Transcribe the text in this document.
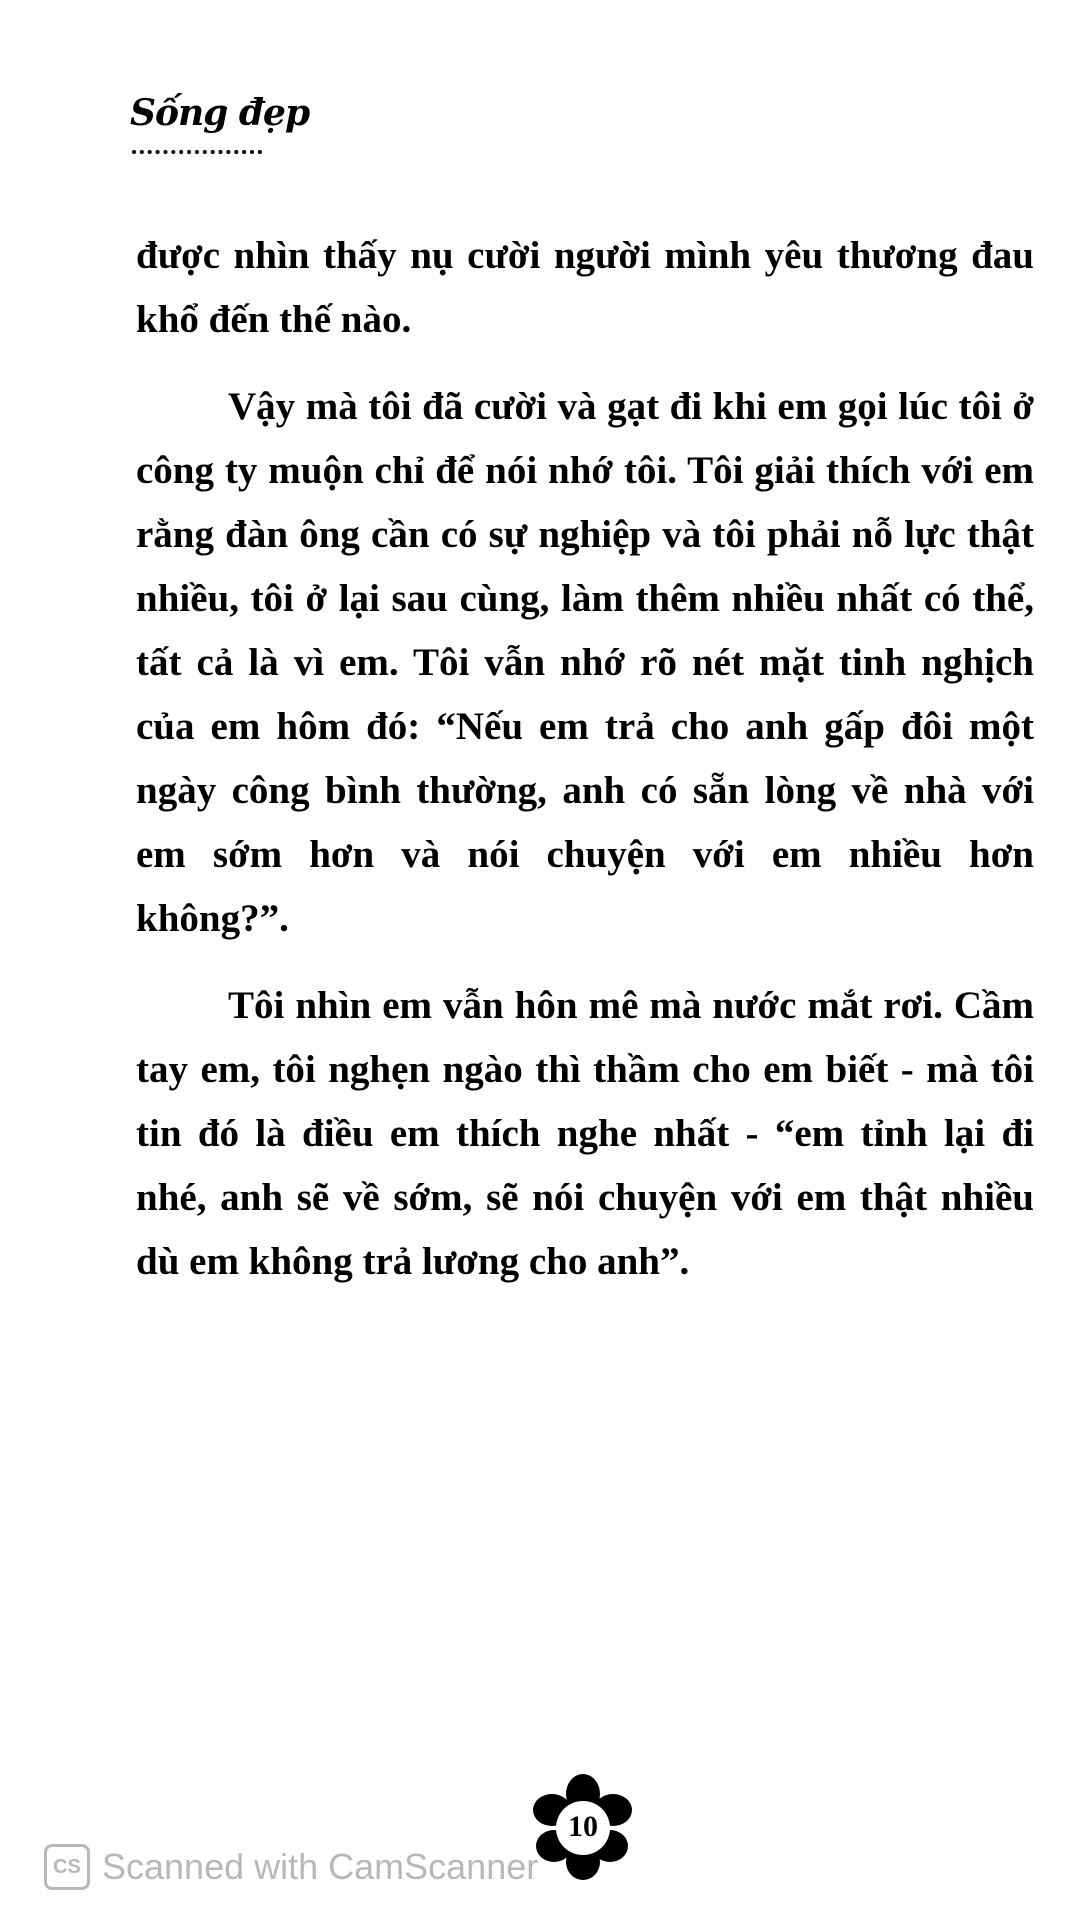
Sống đẹp

được nhìn thấy nụ cười người mình yêu thương đau khổ đến thế nào.

Vậy mà tôi đã cười và gạt đi khi em gọi lúc tôi ở công ty muộn chỉ để nói nhớ tôi. Tôi giải thích với em rằng đàn ông cần có sự nghiệp và tôi phải nỗ lực thật nhiều, tôi ở lại sau cùng, làm thêm nhiều nhất có thể, tất cả là vì em. Tôi vẫn nhớ rõ nét mặt tinh nghịch của em hôm đó: “Nếu em trả cho anh gấp đôi một ngày công bình thường, anh có sẵn lòng về nhà với em sớm hơn và nói chuyện với em nhiều hơn không?”.

Tôi nhìn em vẫn hôn mê mà nước mắt rơi. Cầm tay em, tôi nghẹn ngào thì thầm cho em biết - mà tôi tin đó là điều em thích nghe nhất - “em tỉnh lại đi nhé, anh sẽ về sớm, sẽ nói chuyện với em thật nhiều dù em không trả lương cho anh”.

10
CS Scanned with CamScanner
